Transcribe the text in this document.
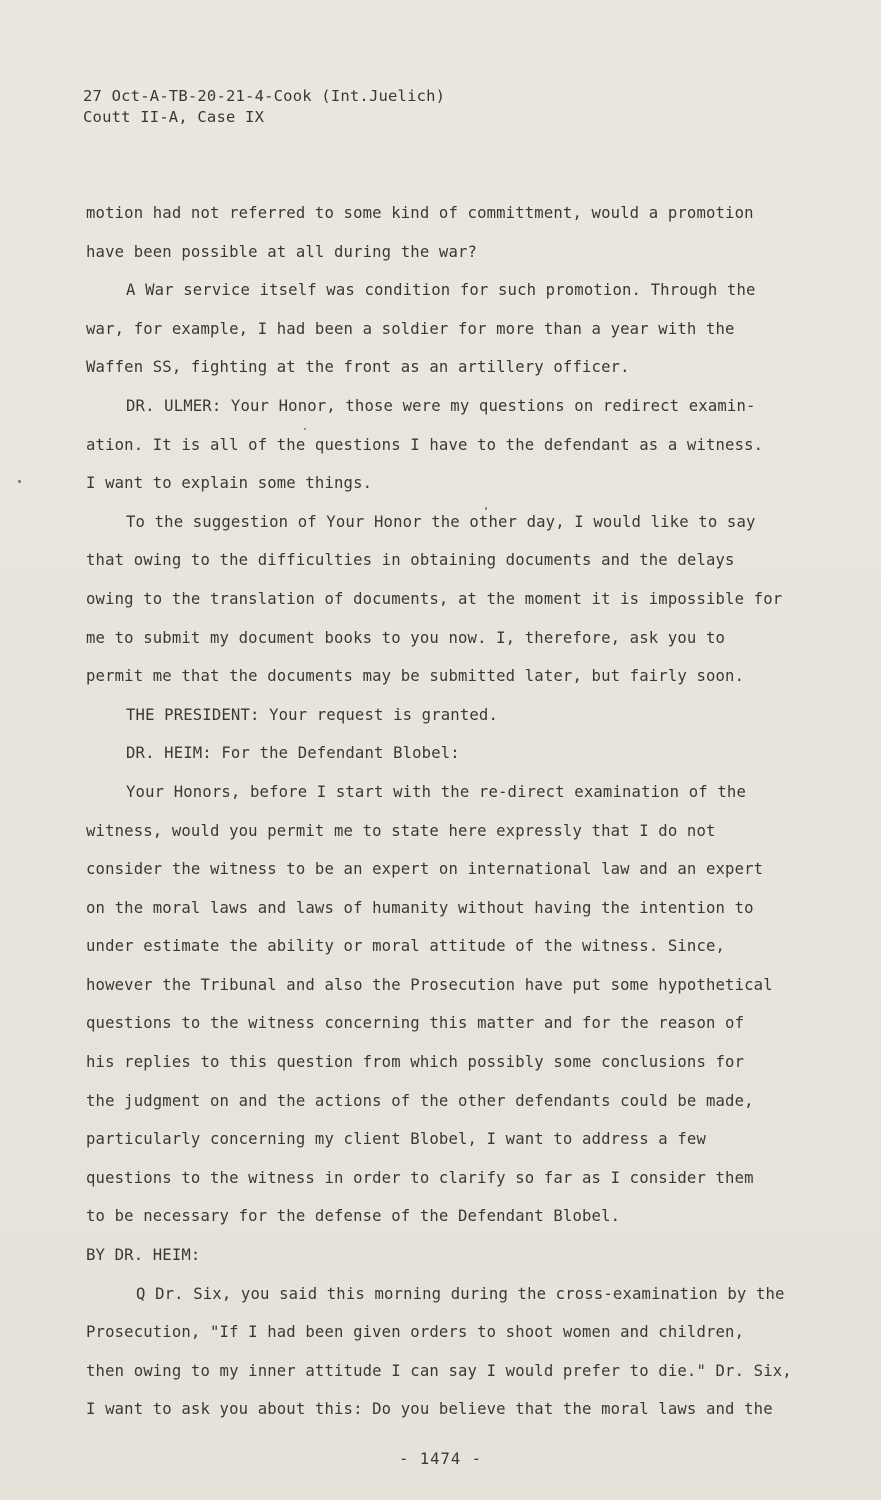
27 Oct-A-TB-20-21-4-Cook (Int.Juelich)
Coutt II-A, Case IX
motion had not referred to some kind of committment, would a promotion
have been possible at all during the war?
A War service itself was condition for such promotion. Through the
war, for example, I had been a soldier for more than a year with the
Waffen SS, fighting at the front as an artillery officer.
DR. ULMER: Your Honor, those were my questions on redirect examin-
ation. It is all of the questions I have to the defendant as a witness.
I want to explain some things.
To the suggestion of Your Honor the other day, I would like to say
that owing to the difficulties in obtaining documents and the delays
owing to the translation of documents, at the moment it is impossible for
me to submit my document books to you now. I, therefore, ask you to
permit me that the documents may be submitted later, but fairly soon.
THE PRESIDENT: Your request is granted.
DR. HEIM: For the Defendant Blobel:
Your Honors, before I start with the re-direct examination of the
witness, would you permit me to state here expressly that I do not
consider the witness to be an expert on international law and an expert
on the moral laws and laws of humanity without having the intention to
under estimate the ability or moral attitude of the witness. Since,
however the Tribunal and also the Prosecution have put some hypothetical
questions to the witness concerning this matter and for the reason of
his replies to this question from which possibly some conclusions for
the judgment on and the actions of the other defendants could be made,
particularly concerning my client Blobel, I want to address a few
questions to the witness in order to clarify so far as I consider them
to be necessary for the defense of the Defendant Blobel.
BY DR. HEIM:
Q Dr. Six, you said this morning during the cross-examination by the
Prosecution, "If I had been given orders to shoot women and children,
then owing to my inner attitude I can say I would prefer to die." Dr. Six,
I want to ask you about this: Do you believe that the moral laws and the
- 1474 -
